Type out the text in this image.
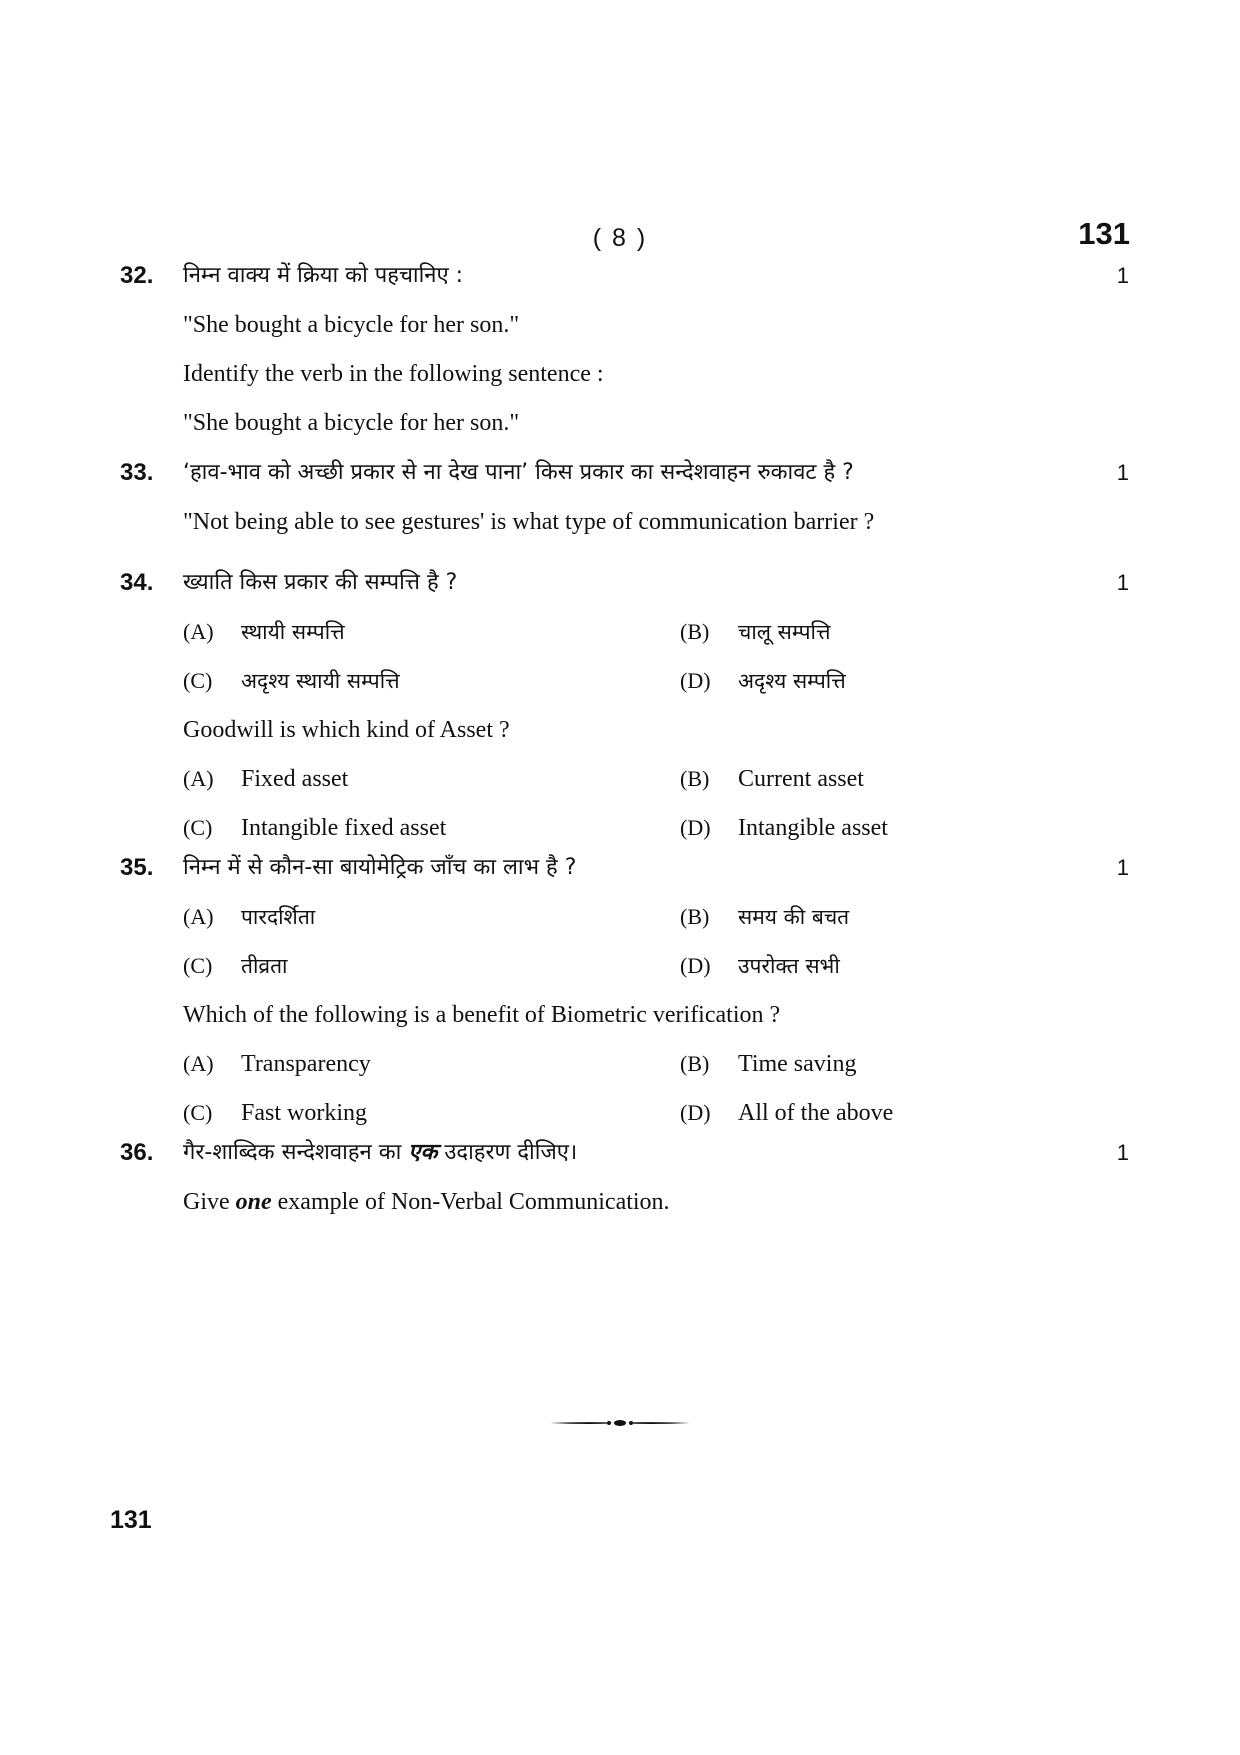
( 8 )	131
32.	1
निम्न वाक्य में क्रिया को पहचानिए :
"She bought a bicycle for her son."
Identify the verb in the following sentence :
"She bought a bicycle for her son."
33.	1
‘हाव-भाव को अच्छी प्रकार से ना देख पाना’ किस प्रकार का सन्देशवाहन रुकावट है ?
"Not being able to see gestures' is what type of communication barrier ?
34.	1
ख्याति किस प्रकार की सम्पत्ति है ?
(A) स्थायी सम्पत्ति	(B) चालू सम्पत्ति
(C) अदृश्य स्थायी सम्पत्ति	(D) अदृश्य सम्पत्ति
Goodwill is which kind of Asset ?
(A) Fixed asset	(B) Current asset
(C) Intangible fixed asset	(D) Intangible asset
35.	1
निम्न में से कौन-सा बायोमेट्रिक जाँच का लाभ है ?
(A) पारदर्शिता	(B) समय की बचत
(C) तीव्रता	(D) उपरोक्त सभी
Which of the following is a benefit of Biometric verification ?
(A) Transparency	(B) Time saving
(C) Fast working	(D) All of the above
36.	1
गैर-शाब्दिक सन्देशवाहन का एक उदाहरण दीजिए।
Give one example of Non-Verbal Communication.
131
